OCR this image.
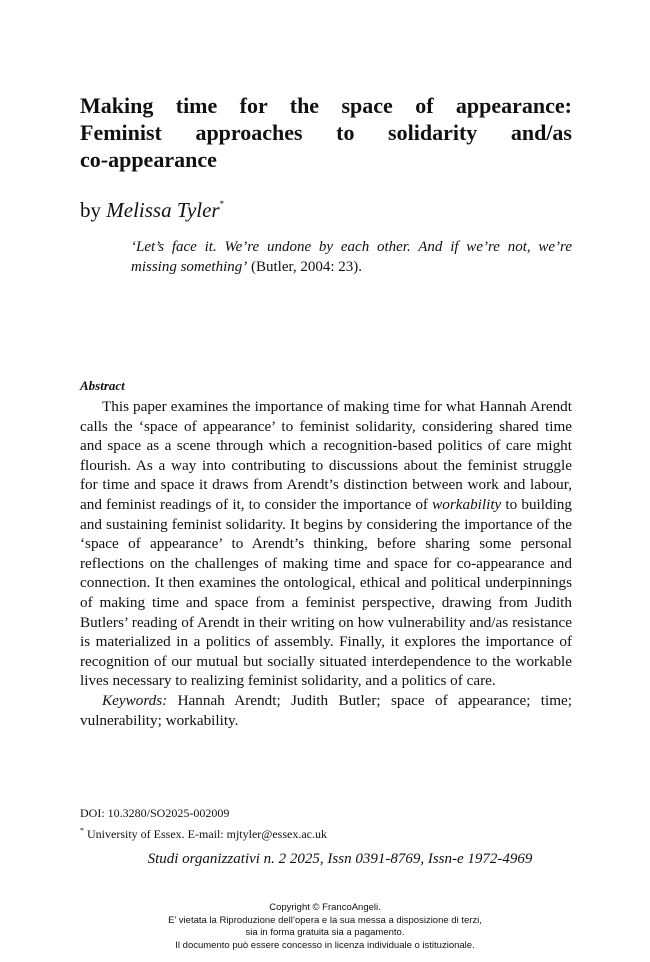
Making time for the space of appearance:
Feminist approaches to solidarity and/as
co-appearance
by Melissa Tyler*
‘Let’s face it. We’re undone by each other. And if we’re not, we’re missing something’ (Butler, 2004: 23).
Abstract

This paper examines the importance of making time for what Hannah Arendt calls the ‘space of appearance’ to feminist solidarity, considering shared time and space as a scene through which a recognition-based politics of care might flourish. As a way into contributing to discussions about the feminist struggle for time and space it draws from Arendt’s distinction between work and labour, and feminist readings of it, to consider the importance of workability to building and sustaining feminist solidarity. It begins by considering the importance of the ‘space of appearance’ to Arendt’s thinking, before sharing some personal reflections on the challenges of making time and space for co-appearance and connection. It then examines the ontological, ethical and political underpinnings of making time and space from a feminist perspective, drawing from Judith Butlers’ reading of Arendt in their writing on how vulnerability and/as resistance is materialized in a politics of assembly. Finally, it explores the importance of recognition of our mutual but socially situated interdependence to the workable lives necessary to realizing feminist solidarity, and a politics of care.

Keywords: Hannah Arendt; Judith Butler; space of appearance; time; vulnerability; workability.

DOI: 10.3280/SO2025-002009
* University of Essex. E-mail: mjtyler@essex.ac.uk
Studi organizzativi n. 2 2025, Issn 0391-8769, Issn-e 1972-4969
Copyright © FrancoAngeli.
E’ vietata la Riproduzione dell’opera e la sua messa a disposizione di terzi,
sia in forma gratuita sia a pagamento.
Il documento può essere concesso in licenza individuale o istituzionale.
